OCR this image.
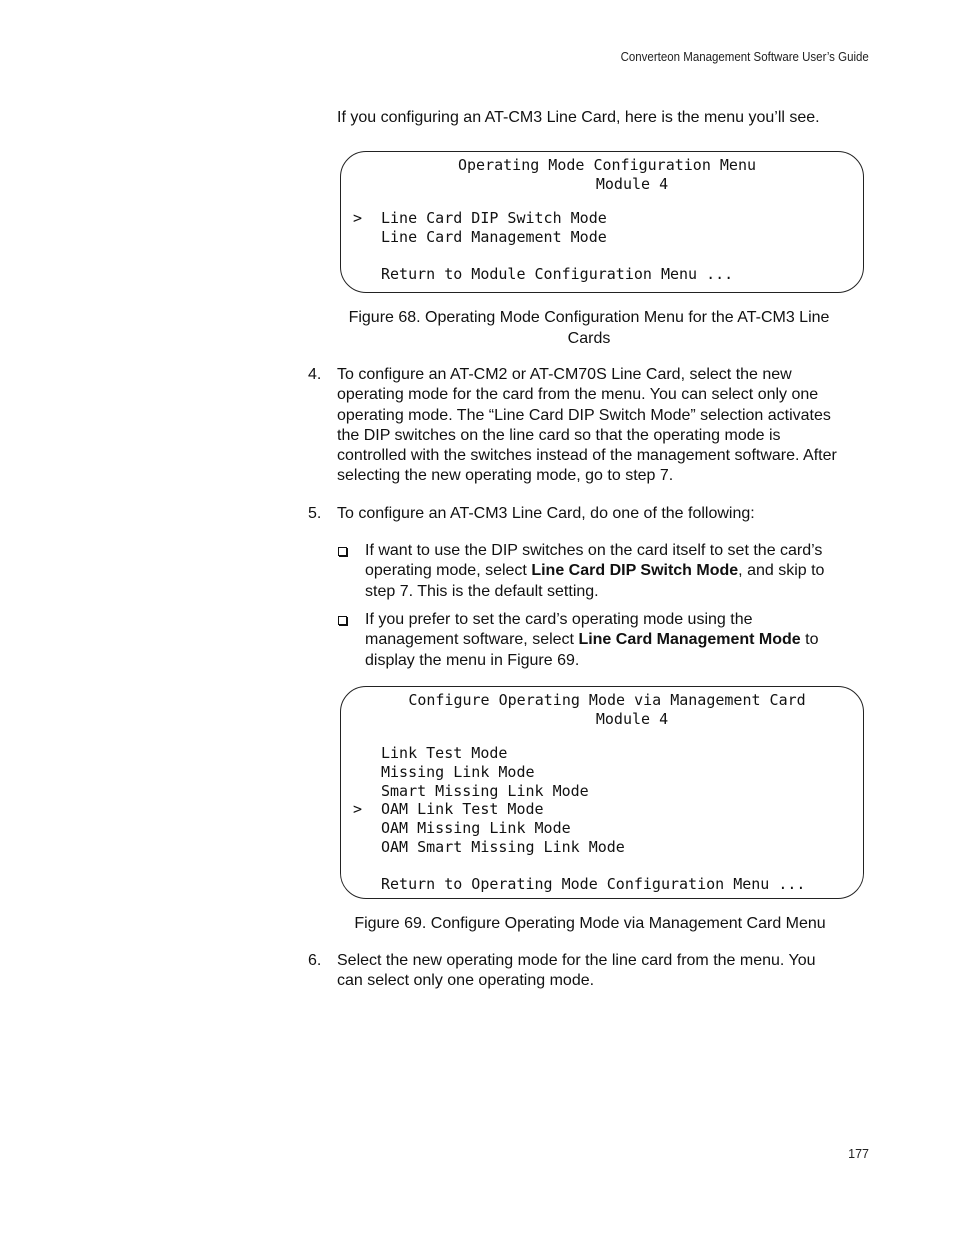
Converteon Management Software User’s Guide

If you configuring an AT-CM3 Line Card, here is the menu you’ll see.

Operating Mode Configuration Menu
Module 4
> Line Card DIP Switch Mode
Line Card Management Mode
Return to Module Configuration Menu ...

Figure 68. Operating Mode Configuration Menu for the AT-CM3 Line
Cards

4. To configure an AT-CM2 or AT-CM70S Line Card, select the new
operating mode for the card from the menu. You can select only one
operating mode. The “Line Card DIP Switch Mode” selection activates
the DIP switches on the line card so that the operating mode is
controlled with the switches instead of the management software. After
selecting the new operating mode, go to step 7.
5. To configure an AT-CM3 Line Card, do one of the following:
If want to use the DIP switches on the card itself to set the card’s
operating mode, select Line Card DIP Switch Mode, and skip to
step 7. This is the default setting.
If you prefer to set the card’s operating mode using the
management software, select Line Card Management Mode to
display the menu in Figure 69.
Configure Operating Mode via Management Card
Module 4
Link Test Mode
Missing Link Mode
Smart Missing Link Mode
> OAM Link Test Mode
OAM Missing Link Mode
OAM Smart Missing Link Mode
Return to Operating Mode Configuration Menu ...

Figure 69. Configure Operating Mode via Management Card Menu

6. Select the new operating mode for the line card from the menu. You
can select only one operating mode.
177
